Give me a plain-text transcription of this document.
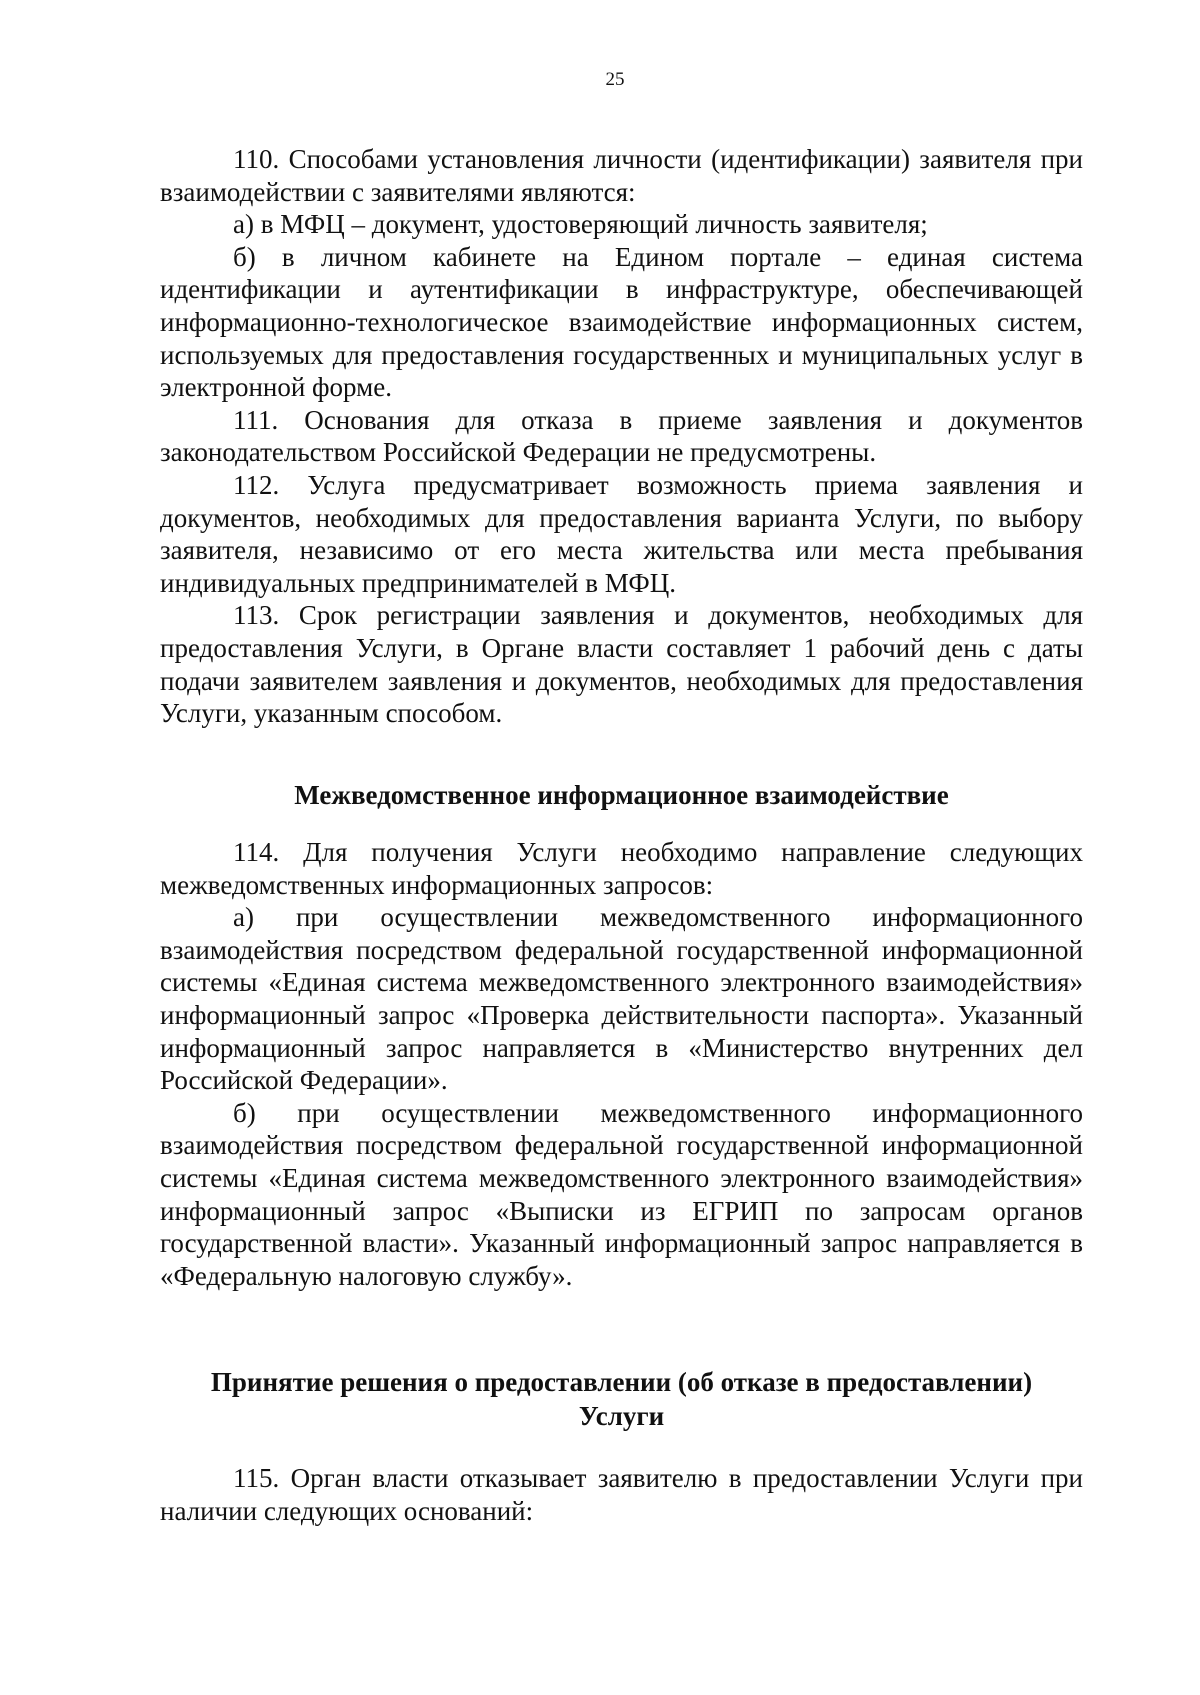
25

110. Способами установления личности (идентификации) заявителя при взаимодействии с заявителями являются:

а) в МФЦ – документ, удостоверяющий личность заявителя;

б) в личном кабинете на Едином портале – единая система идентификации и аутентификации в инфраструктуре, обеспечивающей информационно-технологическое взаимодействие информационных систем, используемых для предоставления государственных и муниципальных услуг в электронной форме.

111. Основания для отказа в приеме заявления и документов законодательством Российской Федерации не предусмотрены.

112. Услуга предусматривает возможность приема заявления и документов, необходимых для предоставления варианта Услуги, по выбору заявителя, независимо от его места жительства или места пребывания индивидуальных предпринимателей в МФЦ.

113. Срок регистрации заявления и документов, необходимых для предоставления Услуги, в Органе власти составляет 1 рабочий день с даты подачи заявителем заявления и документов, необходимых для предоставления Услуги, указанным способом.

Межведомственное информационное взаимодействие

114. Для получения Услуги необходимо направление следующих межведомственных информационных запросов:

а) при осуществлении межведомственного информационного взаимодействия посредством федеральной государственной информационной системы «Единая система межведомственного электронного взаимодействия» информационный запрос «Проверка действительности паспорта». Указанный информационный запрос направляется в «Министерство внутренних дел Российской Федерации».

б) при осуществлении межведомственного информационного взаимодействия посредством федеральной государственной информационной системы «Единая система межведомственного электронного взаимодействия» информационный запрос «Выписки из ЕГРИП по запросам органов государственной власти». Указанный информационный запрос направляется в «Федеральную налоговую службу».

Принятие решения о предоставлении (об отказе в предоставлении)
Услуги

115. Орган власти отказывает заявителю в предоставлении Услуги при наличии следующих оснований:
